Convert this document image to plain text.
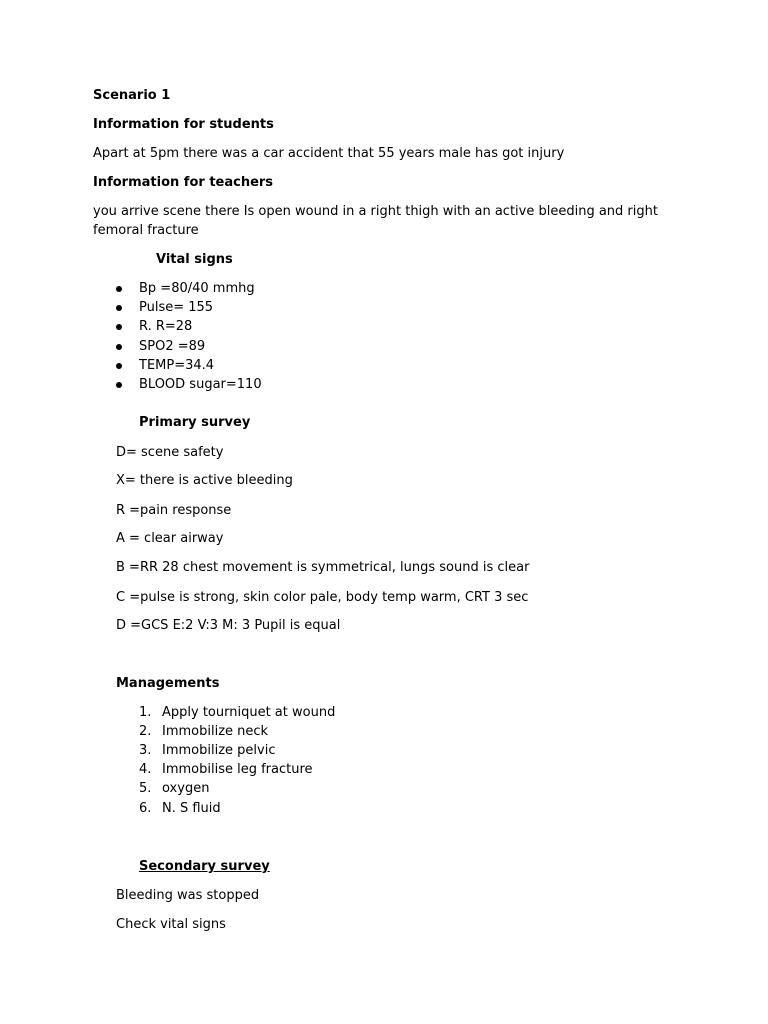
Scenario 1
Information for students
Apart at 5pm there was a car accident that 55 years male has got injury
Information for teachers
you arrive scene there Is open wound in a right thigh with an active bleeding and right
femoral fracture
Vital signs
Bp =80/40 mmhg
Pulse= 155
R. R=28
SPO2 =89
TEMP=34.4
BLOOD sugar=110
Primary survey
D= scene safety
X= there is active bleeding
R =pain response
A = clear airway
B =RR 28 chest movement is symmetrical, lungs sound is clear
C =pulse is strong, skin color pale, body temp warm, CRT 3 sec
D =GCS E:2 V:3 M: 3 Pupil is equal
Managements
1. Apply tourniquet at wound
2. Immobilize neck
3. Immobilize pelvic
4. Immobilise leg fracture
5. oxygen
6. N. S fluid
Secondary survey
Bleeding was stopped
Check vital signs
